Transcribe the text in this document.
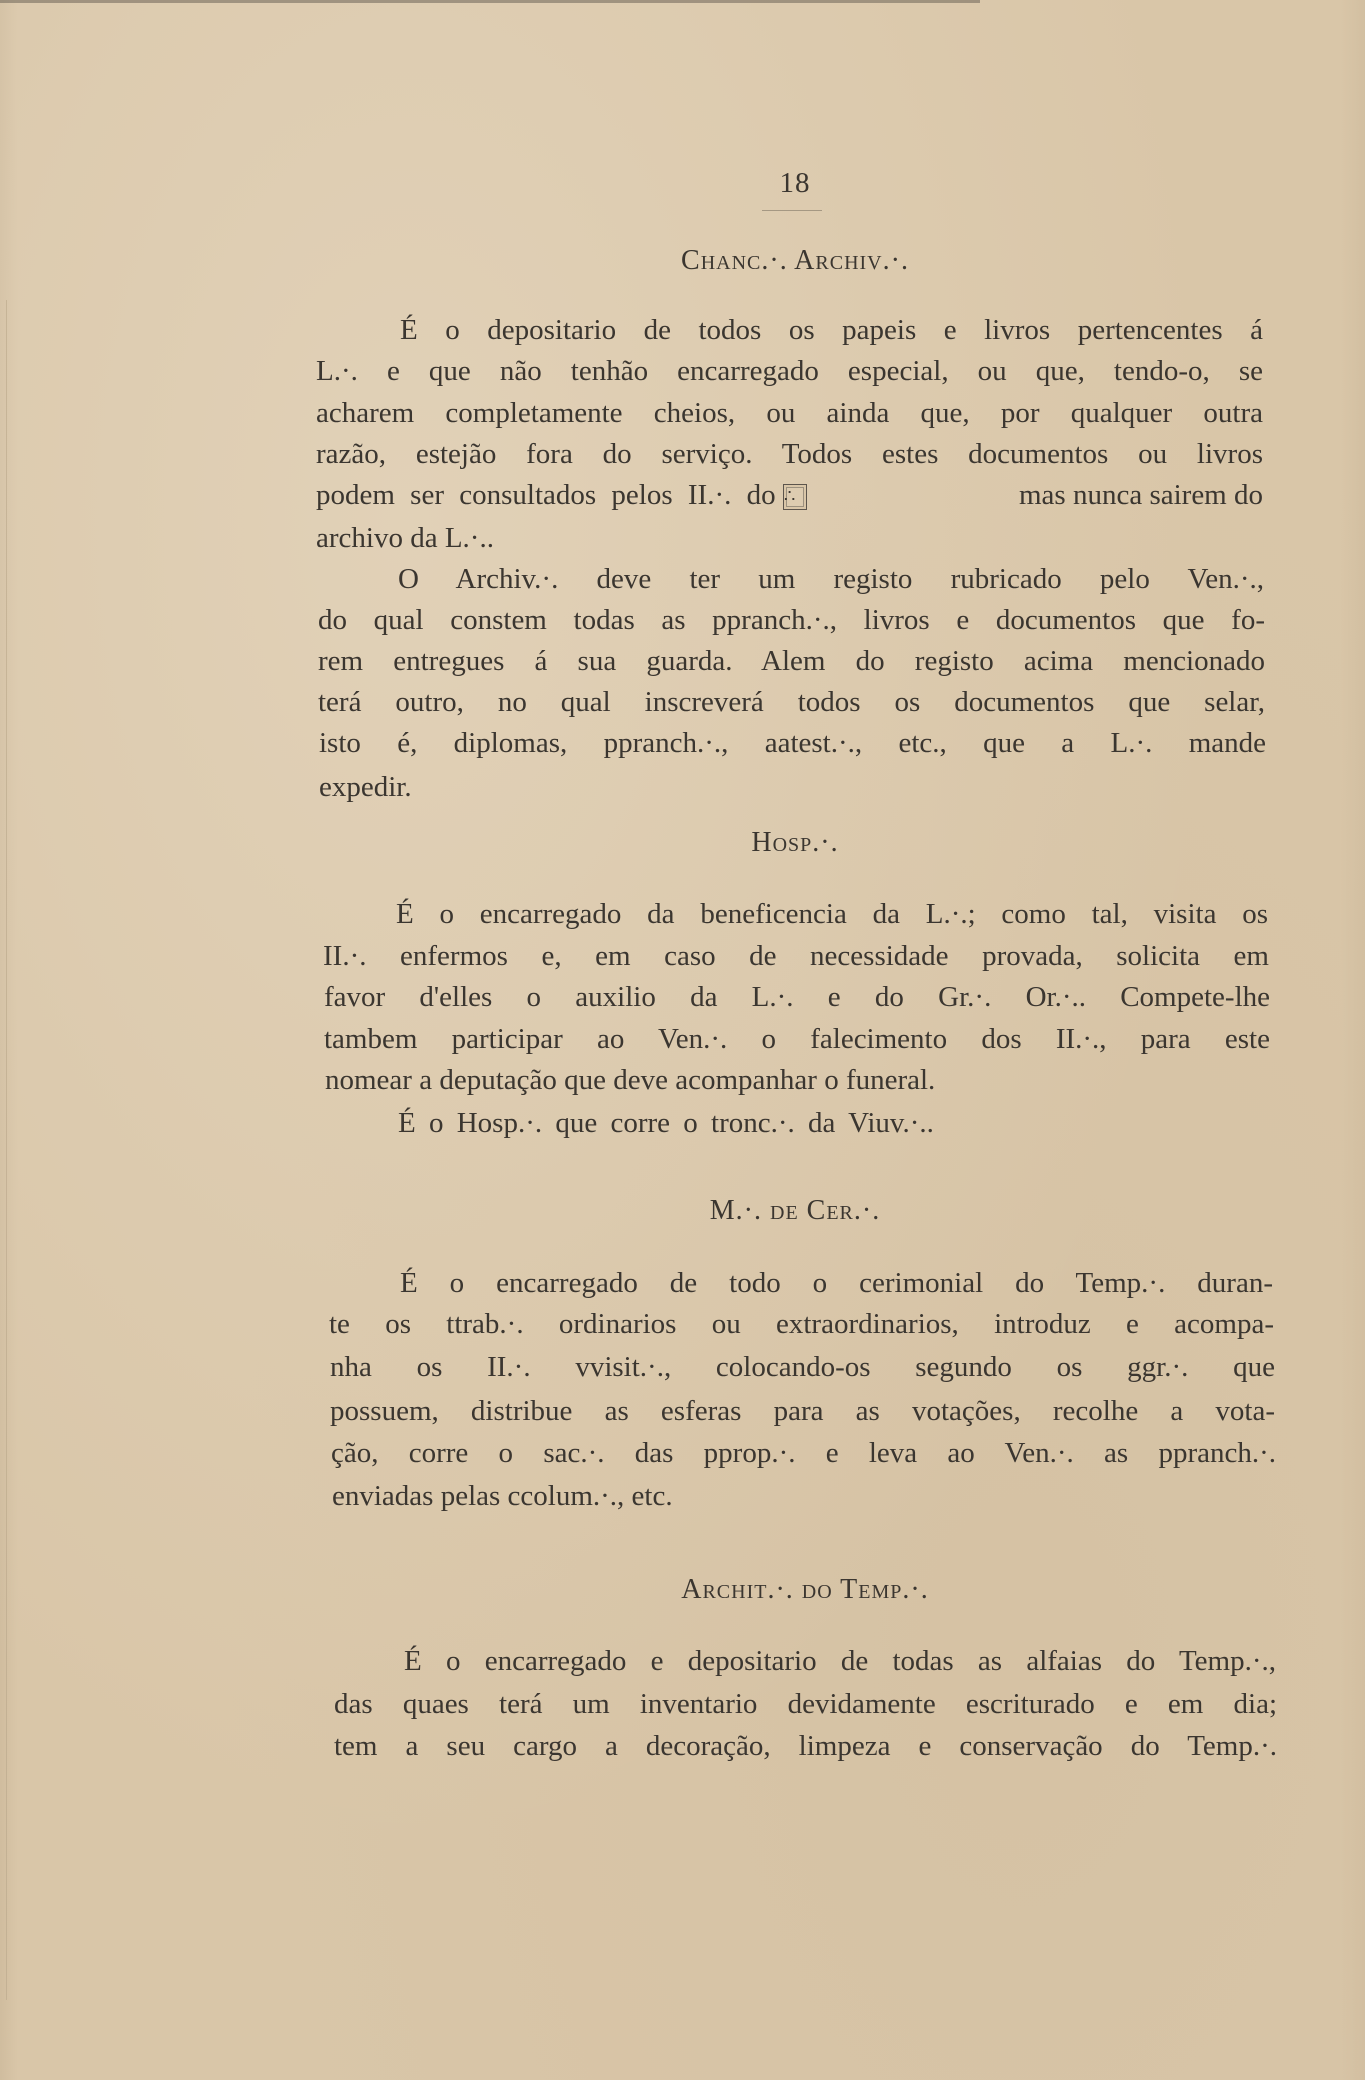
18
Chanc.·. Archiv.·.
É o depositario de todos os papeis e livros pertencentes á
L.·. e que não tenhão encarregado especial, ou que, tendo-o, se
acharem completamente cheios, ou ainda que, por qualquer outra
razão, estejão fora do serviço. Todos estes documentos ou livros
podem ser consultados pelos II.·. do ∴	mas nunca sairem do
archivo da L.·..
O Archiv.·. deve ter um registo rubricado pelo Ven.·.,
do qual constem todas as ppranch.·., livros e documentos que fo-
rem entregues á sua guarda. Alem do registo acima mencionado
terá outro, no qual inscreverá todos os documentos que selar,
isto é, diplomas, ppranch.·., aatest.·., etc., que a L.·. mande
expedir.
Hosp.·.
É o encarregado da beneficencia da L.·.; como tal, visita os
II.·. enfermos e, em caso de necessidade provada, solicita em
favor d'elles o auxilio da L.·. e do Gr.·. Or.·.. Compete-lhe
tambem participar ao Ven.·. o falecimento dos II.·., para este
nomear a deputação que deve acompanhar o funeral.
É o Hosp.·. que corre o tronc.·. da Viuv.·..
M.·. de Cer.·.
É o encarregado de todo o cerimonial do Temp.·. duran-
te os ttrab.·. ordinarios ou extraordinarios, introduz e acompa-
nha os II.·. vvisit.·., colocando-os segundo os ggr.·. que
possuem, distribue as esferas para as votações, recolhe a vota-
ção, corre o sac.·. das pprop.·. e leva ao Ven.·. as ppranch.·.
enviadas pelas ccolum.·., etc.
Archit.·. do Temp.·.
É o encarregado e depositario de todas as alfaias do Temp.·.,
das quaes terá um inventario devidamente escriturado e em dia;
tem a seu cargo a decoração, limpeza e conservação do Temp.·.
